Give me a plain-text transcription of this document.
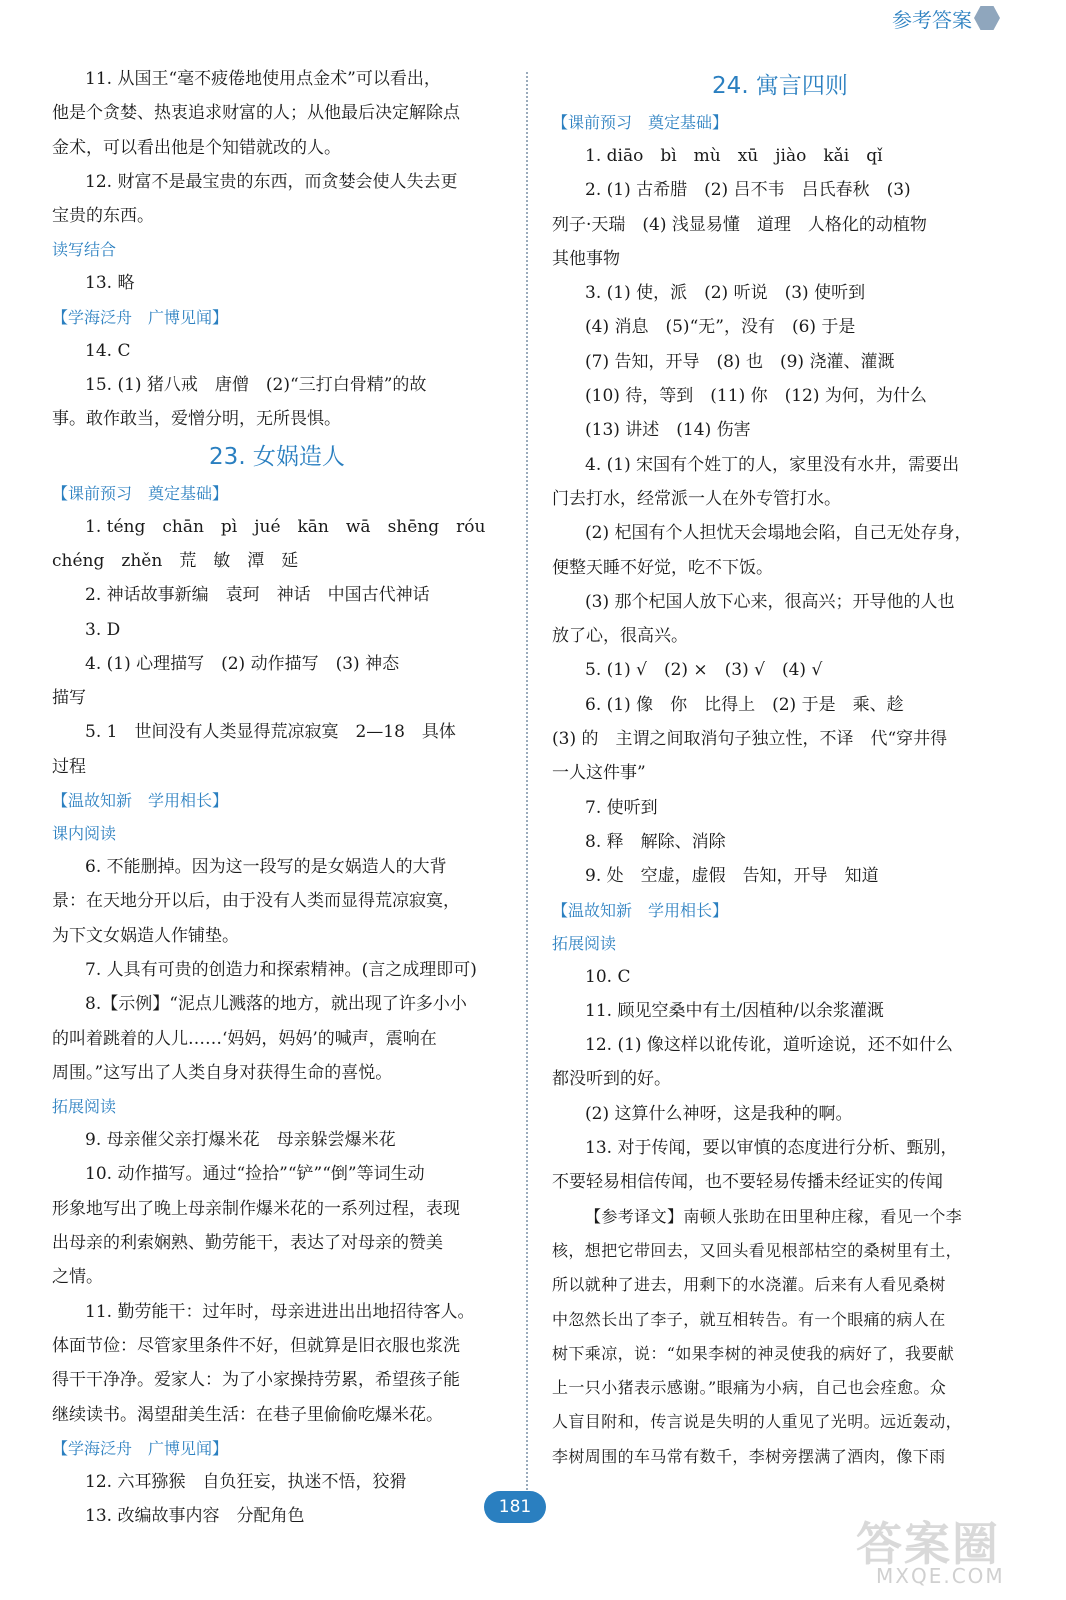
参考答案
11. 从国王“毫不疲倦地使用点金术”可以看出，
他是个贪婪、热衷追求财富的人；从他最后决定解除点
金术，可以看出他是个知错就改的人。
12. 财富不是最宝贵的东西，而贪婪会使人失去更
宝贵的东西。
读写结合
13. 略
【学海泛舟　广博见闻】
14. C
15. (1) 猪八戒　唐僧　(2)“三打白骨精”的故
事。敢作敢当，爱憎分明，无所畏惧。
23. 女娲造人
【课前预习　奠定基础】
1. téng　chān　pì　jué　kān　wā　shēng　róu
chéng　zhěn　荒　敏　潭　延
2. 神话故事新编　袁珂　神话　中国古代神话
3. D
4. (1) 心理描写　(2) 动作描写　(3) 神态
描写
5. 1　世间没有人类显得荒凉寂寞　2—18　具体
过程
【温故知新　学用相长】
课内阅读
6. 不能删掉。因为这一段写的是女娲造人的大背
景：在天地分开以后，由于没有人类而显得荒凉寂寞，
为下文女娲造人作铺垫。
7. 人具有可贵的创造力和探索精神。(言之成理即可)
8.【示例】“泥点儿溅落的地方，就出现了许多小小
的叫着跳着的人儿……‘妈妈，妈妈’的喊声，震响在
周围。”这写出了人类自身对获得生命的喜悦。
拓展阅读
9. 母亲催父亲打爆米花　母亲躲尝爆米花
10. 动作描写。通过“捡拾”“铲”“倒”等词生动
形象地写出了晚上母亲制作爆米花的一系列过程，表现
出母亲的利索娴熟、勤劳能干，表达了对母亲的赞美
之情。
11. 勤劳能干：过年时，母亲进进出出地招待客人。
体面节俭：尽管家里条件不好，但就算是旧衣服也浆洗
得干干净净。爱家人：为了小家操持劳累，希望孩子能
继续读书。渴望甜美生活：在巷子里偷偷吃爆米花。
【学海泛舟　广博见闻】
12. 六耳猕猴　自负狂妄，执迷不悟，狡猾
13. 改编故事内容　分配角色
24. 寓言四则
【课前预习　奠定基础】
1. diāo　bì　mù　xū　jiào　kǎi　qǐ
2. (1) 古希腊　(2) 吕不韦　吕氏春秋　(3)
列子·天瑞　(4) 浅显易懂　道理　人格化的动植物
其他事物
3. (1) 使，派　(2) 听说　(3) 使听到
(4) 消息　(5)“无”，没有　(6) 于是
(7) 告知，开导　(8) 也　(9) 浇灌、灌溉
(10) 待，等到　(11) 你　(12) 为何，为什么
(13) 讲述　(14) 伤害
4. (1) 宋国有个姓丁的人，家里没有水井，需要出
门去打水，经常派一人在外专管打水。
(2) 杞国有个人担忧天会塌地会陷，自己无处存身，
便整天睡不好觉，吃不下饭。
(3) 那个杞国人放下心来，很高兴；开导他的人也
放了心，很高兴。
5. (1) √　(2) ×　(3) √　(4) √
6. (1) 像　你　比得上　(2) 于是　乘、趁
(3) 的　主谓之间取消句子独立性，不译　代“穿井得
一人这件事”
7. 使听到
8. 释　解除、消除
9. 处　空虚，虚假　告知，开导　知道
【温故知新　学用相长】
拓展阅读
10. C
11. 顾见空桑中有土/因植种/以余浆灌溉
12. (1) 像这样以讹传讹，道听途说，还不如什么
都没听到的好。
(2) 这算什么神呀，这是我种的啊。
13. 对于传闻，要以审慎的态度进行分析、甄别，
不要轻易相信传闻，也不要轻易传播未经证实的传闻
【参考译文】南顿人张助在田里种庄稼，看见一个李
核，想把它带回去，又回头看见根部枯空的桑树里有土，
所以就种了进去，用剩下的水浇灌。后来有人看见桑树
中忽然长出了李子，就互相转告。有一个眼痛的病人在
树下乘凉，说：“如果李树的神灵使我的病好了，我要献
上一只小猪表示感谢。”眼痛为小病，自己也会痊愈。众
人盲目附和，传言说是失明的人重见了光明。远近轰动，
李树周围的车马常有数千，李树旁摆满了酒肉，像下雨
181
答案圈
MXQE.COM
